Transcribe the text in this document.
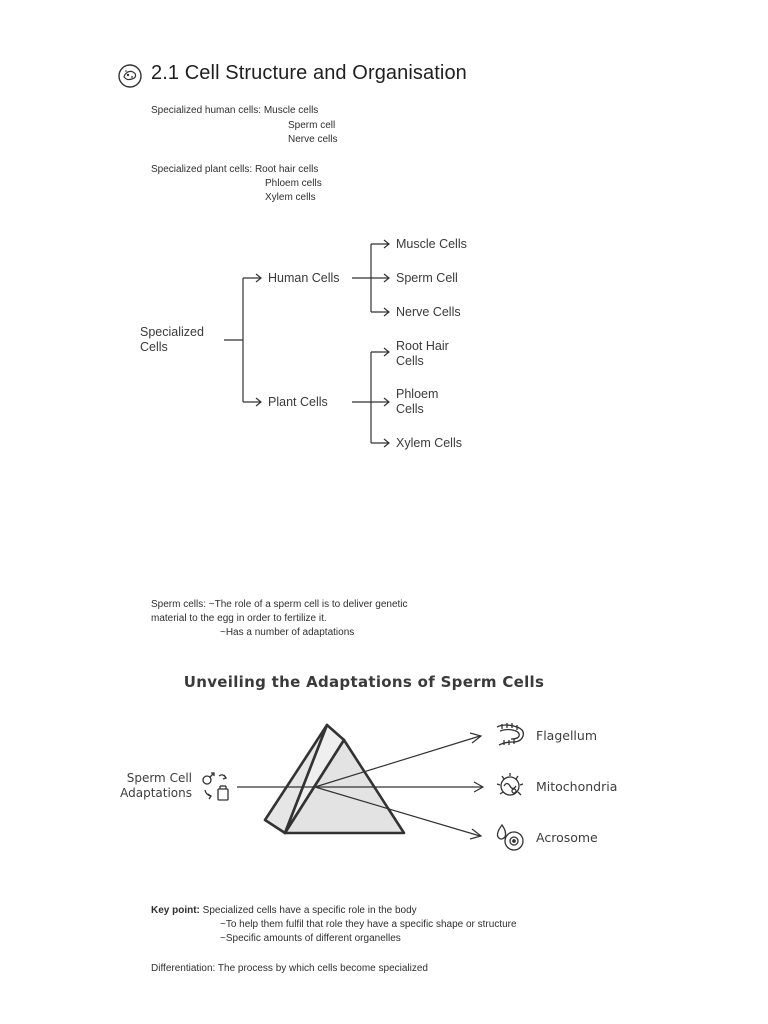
2.1 Cell Structure and Organisation
Specialized human cells: Muscle cells
Sperm cell
Nerve cells
Specialized plant cells: Root hair cells
Phloem cells
Xylem cells
Specialized
Cells
Human Cells
Plant Cells
Muscle Cells
Sperm Cell
Nerve Cells
Root Hair
Cells
Phloem
Cells
Xylem Cells
Sperm cells: ~The role of a sperm cell is to deliver genetic
material to the egg in order to fertilize it.
~Has a number of adaptations
Unveiling the Adaptations of Sperm Cells
Sperm Cell
Adaptations
Flagellum
Mitochondria
Acrosome
Key point: Specialized cells have a specific role in the body
~To help them fulfil that role they have a specific shape or structure
~Specific amounts of different organelles
Differentiation: The process by which cells become specialized
